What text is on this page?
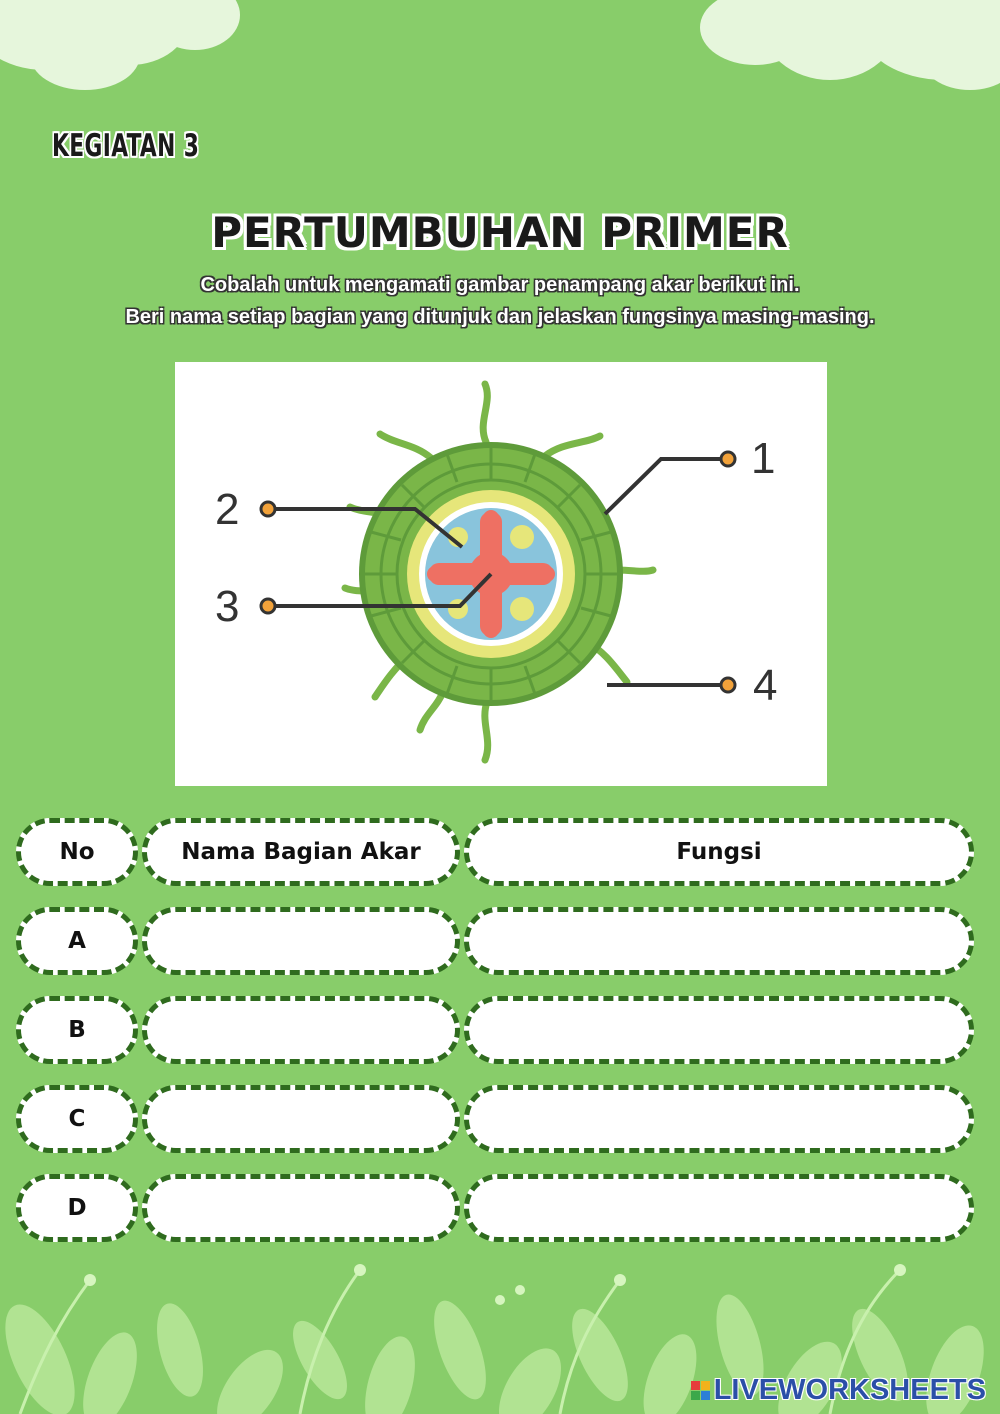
KEGIATAN 3
PERTUMBUHAN PRIMER
Cobalah untuk mengamati gambar penampang akar berikut ini.
Beri nama setiap bagian yang ditunjuk dan jelaskan fungsinya masing-masing.
1
2
3
4
No	Nama Bagian Akar	Fungsi
A
B
C
D
LIVEWORKSHEETS
